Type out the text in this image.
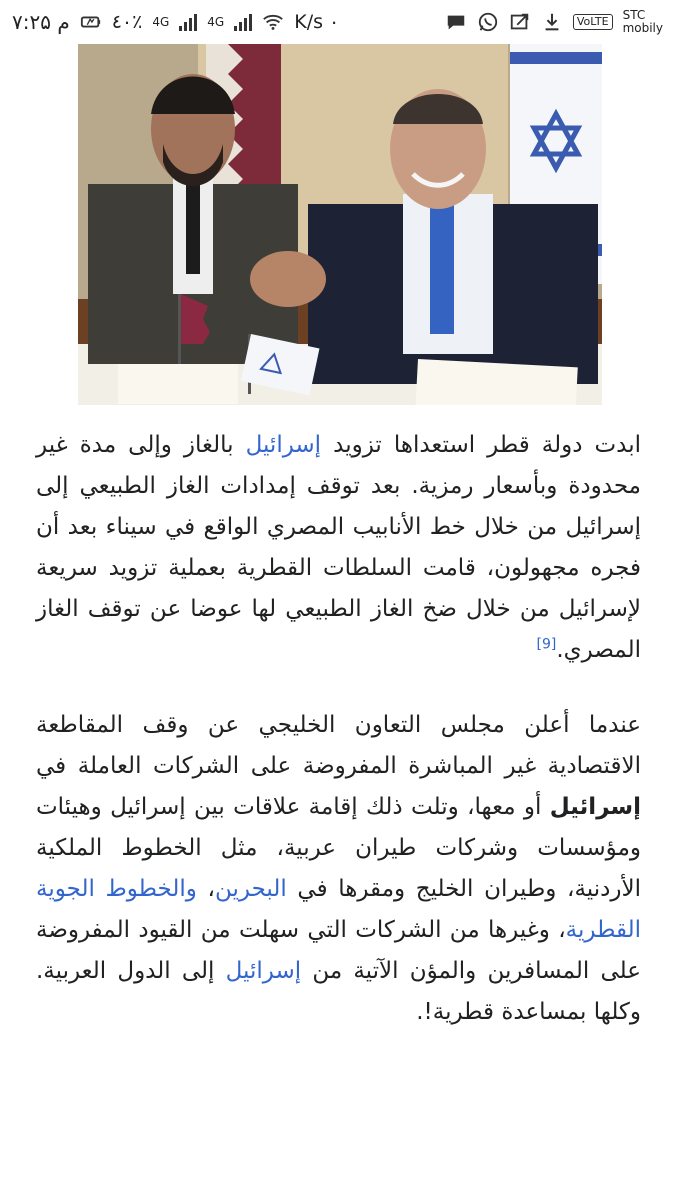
۷:۲۵ م ٤٠٪ 4G	4G	K/s ۰	VoLTE	STC
mobily

ابدت دولة قطر استعداها تزويد إسرائيل بالغاز وإلى مدة غير محدودة وبأسعار رمزية. بعد توقف إمدادات الغاز الطبيعي إلى إسرائيل من خلال خط الأنابيب المصري الواقع في سيناء بعد أن فجره مجهولون، قامت السلطات القطرية بعملية تزويد سريعة لإسرائيل من خلال ضخ الغاز الطبيعي لها عوضا عن توقف الغاز المصري.[9]

عندما أعلن مجلس التعاون الخليجي عن وقف المقاطعة الاقتصادية غير المباشرة المفروضة على الشركات العاملة في إسرائيل أو معها، وتلت ذلك إقامة علاقات بين إسرائيل وهيئات ومؤسسات وشركات طيران عربية، مثل الخطوط الملكية الأردنية، وطيران الخليج ومقرها في البحرين، والخطوط الجوية القطرية، وغيرها من الشركات التي سهلت من القيود المفروضة على المسافرين والمؤن الآتية من إسرائيل إلى الدول العربية. وكلها بمساعدة قطرية!.
